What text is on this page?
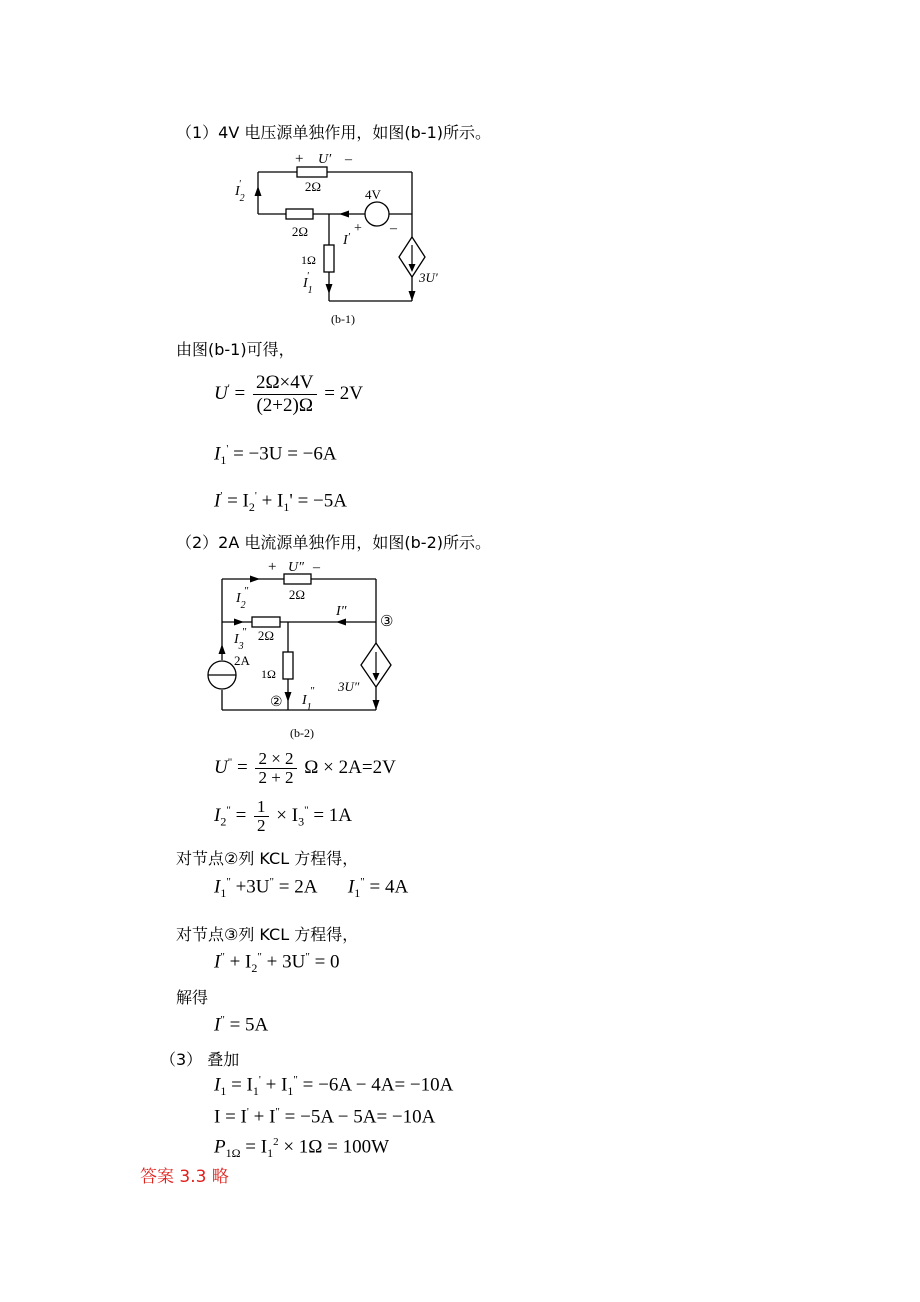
（1）4V 电压源单独作用，如图(b-1)所示。
+ U′ –
2Ω
2Ω
1Ω
4V
+ –
$I_2'$
I′
$I_1'$	3U′
(b-1)
由图(b-1)可得，
$U' = \frac{2\Omega\times 4V}{(2+2)\Omega} = 2V$
$I_1' = -3U = -6A$
$I' = I_2' + I_1' = -5A$
（2）2A 电流源单独作用，如图(b-2)所示。
+ U″ –
2Ω
2Ω
1Ω
$I_2''$
$I_3''$
I″
$I_1''$
2A
②
③
3U″
(b-2)
$U^" = \frac{2 \times 2}{2 + 2}$ Ω × 2A=2V
$I_2^" = \frac{1}{2} \times I_3^" = 1A$
对节点②列 KCL 方程得，
$I_1^" +3U^" = 2A$ $I_1^" = 4A$
对节点③列 KCL 方程得，
$I^" + I_2^" + 3U^" = 0$
解得
I" = 5A
（3） 叠加
$I_1 = I_1' + I_1^" = -6A - 4A= -10A$
I = I' + I" = −5A − 5A= −10A
$P_{1\Omega} = I_1^2 \times 1\Omega = 100W$
答案 3.3 略
